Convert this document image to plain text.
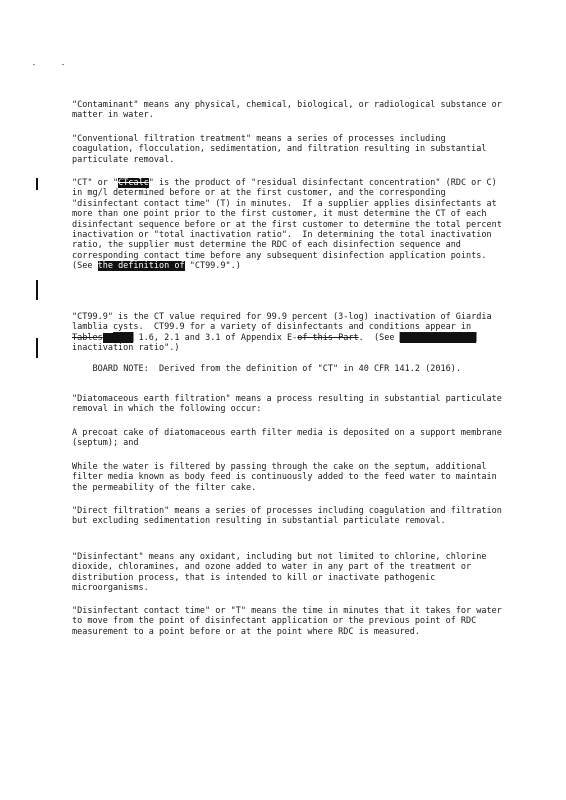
"Contaminant" means any physical, chemical, biological, or radiological substance or matter in water.
"Conventional filtration treatment" means a series of processes including coagulation, flocculation, sedimentation, and filtration resulting in substantial particulate removal.
"CT" or "CTcalc" is the product of "residual disinfectant concentration" (RDC or C) in mg/l determined before or at the first customer, and the corresponding "disinfectant contact time" (T) in minutes.  If a supplier applies disinfectants at more than one point prior to the first customer, it must determine the CT of each disinfectant sequence before or at the first customer to determine the total percent inactivation or "total inactivation ratio".  In determining the total inactivation ratio, the supplier must determine the RDC of each disinfection sequence and corresponding contact time before any subsequent disinfection application points.  (See the definition of "CT99.9".)
"CT99.9" is the CT value required for 99.9 percent (3-log) inactivation of Giardia lamblia cysts.  CT99.9 for a variety of disinfectants and conditions appear in Tables  ████ 1.6, 2.1 and 3.1 of Appendix E-of this Part.  (See ███████████████ inactivation ratio".)
BOARD NOTE:  Derived from the definition of "CT" in 40 CFR 141.2 (2016).
"Diatomaceous earth filtration" means a process resulting in substantial particulate removal in which the following occur:
A precoat cake of diatomaceous earth filter media is deposited on a support membrane (septum); and
While the water is filtered by passing through the cake on the septum, additional filter media known as body feed is continuously added to the feed water to maintain the permeability of the filter cake.
"Direct filtration" means a series of processes including coagulation and filtration but excluding sedimentation resulting in substantial particulate removal.
"Disinfectant" means any oxidant, including but not limited to chlorine, chlorine dioxide, chloramines, and ozone added to water in any part of the treatment or distribution process, that is intended to kill or inactivate pathogenic microorganisms.
"Disinfectant contact time" or "T" means the time in minutes that it takes for water to move from the point of disinfectant application or the previous point of RDC measurement to a point before or at the point where RDC is measured.
